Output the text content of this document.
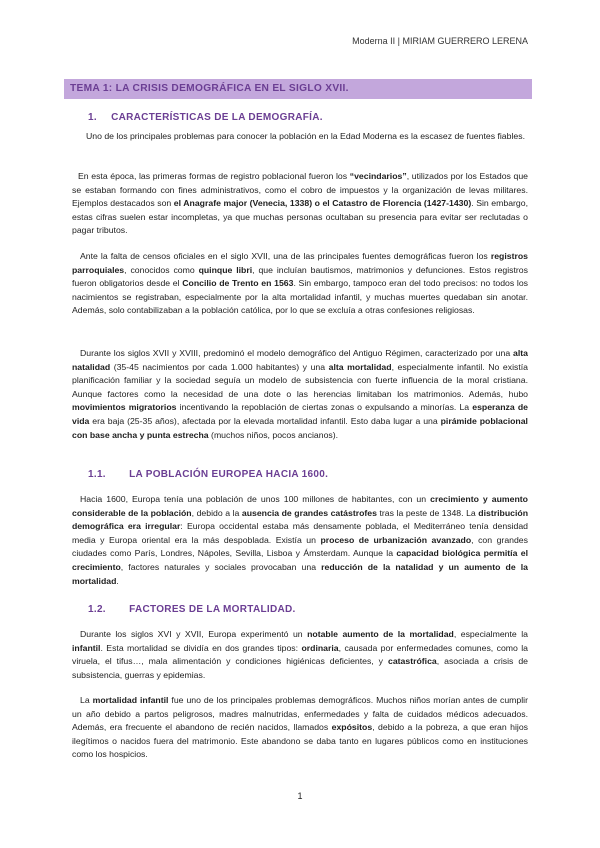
Moderna II | MIRIAM GUERRERO LERENA
TEMA 1: LA CRISIS DEMOGRÁFICA EN EL SIGLO XVII.
1. CARACTERÍSTICAS DE LA DEMOGRAFÍA.

Uno de los principales problemas para conocer la población en la Edad Moderna es la escasez de fuentes fiables.

En esta época, las primeras formas de registro poblacional fueron los “vecindarios”, utilizados por los Estados que se estaban formando con fines administrativos, como el cobro de impuestos y la organización de levas militares. Ejemplos destacados son el Anagrafe major (Venecia, 1338) o el Catastro de Florencia (1427-1430). Sin embargo, estas cifras suelen estar incompletas, ya que muchas personas ocultaban su presencia para evitar ser reclutadas o pagar tributos.

Ante la falta de censos oficiales en el siglo XVII, una de las principales fuentes demográficas fueron los registros parroquiales, conocidos como quinque libri, que incluían bautismos, matrimonios y defunciones. Estos registros fueron obligatorios desde el Concilio de Trento en 1563. Sin embargo, tampoco eran del todo precisos: no todos los nacimientos se registraban, especialmente por la alta mortalidad infantil, y muchas muertes quedaban sin anotar. Además, solo contabilizaban a la población católica, por lo que se excluía a otras confesiones religiosas.

Durante los siglos XVII y XVIII, predominó el modelo demográfico del Antiguo Régimen, caracterizado por una alta natalidad (35-45 nacimientos por cada 1.000 habitantes) y una alta mortalidad, especialmente infantil. No existía planificación familiar y la sociedad seguía un modelo de subsistencia con fuerte influencia de la moral cristiana. Aunque factores como la necesidad de una dote o las herencias limitaban los matrimonios. Además, hubo movimientos migratorios incentivando la repoblación de ciertas zonas o expulsando a minorías. La esperanza de vida era baja (25-35 años), afectada por la elevada mortalidad infantil. Esto daba lugar a una pirámide poblacional con base ancha y punta estrecha (muchos niños, pocos ancianos).

1.1. LA POBLACIÓN EUROPEA HACIA 1600.

Hacia 1600, Europa tenía una población de unos 100 millones de habitantes, con un crecimiento y aumento considerable de la población, debido a la ausencia de grandes catástrofes tras la peste de 1348. La distribución demográfica era irregular: Europa occidental estaba más densamente poblada, el Mediterráneo tenía densidad media y Europa oriental era la más despoblada. Existía un proceso de urbanización avanzado, con grandes ciudades como París, Londres, Nápoles, Sevilla, Lisboa y Ámsterdam. Aunque la capacidad biológica permitía el crecimiento, factores naturales y sociales provocaban una reducción de la natalidad y un aumento de la mortalidad.

1.2. FACTORES DE LA MORTALIDAD.

Durante los siglos XVI y XVII, Europa experimentó un notable aumento de la mortalidad, especialmente la infantil. Esta mortalidad se dividía en dos grandes tipos: ordinaria, causada por enfermedades comunes, como la viruela, el tifus…, mala alimentación y condiciones higiénicas deficientes, y catastrófica, asociada a crisis de subsistencia, guerras y epidemias.

La mortalidad infantil fue uno de los principales problemas demográficos. Muchos niños morían antes de cumplir un año debido a partos peligrosos, madres malnutridas, enfermedades y falta de cuidados médicos adecuados. Además, era frecuente el abandono de recién nacidos, llamados expósitos, debido a la pobreza, a que eran hijos ilegítimos o nacidos fuera del matrimonio. Este abandono se daba tanto en lugares públicos como en instituciones como los hospicios.

1
